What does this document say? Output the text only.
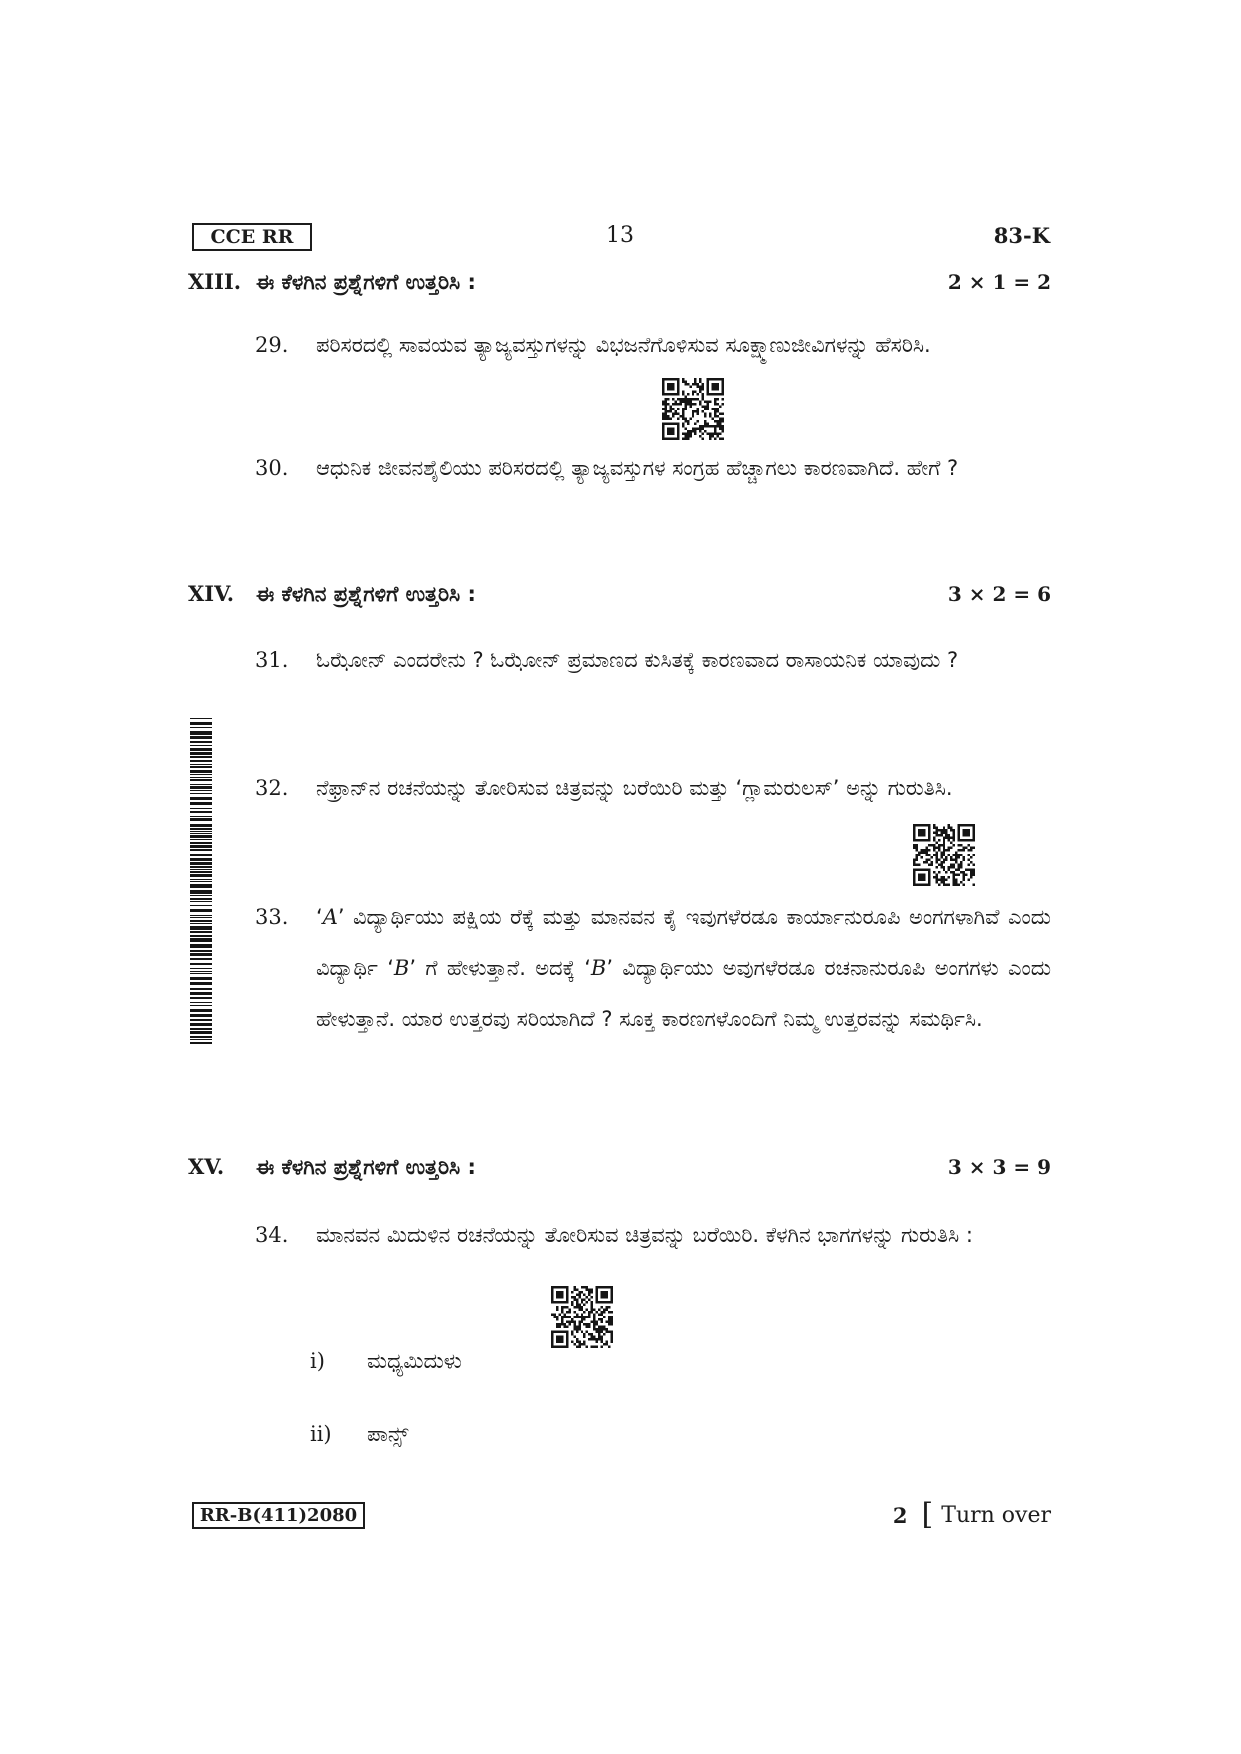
CCE RR	13	83-K
XIII. ಈ ಕೆಳಗಿನ ಪ್ರಶ್ನೆಗಳಿಗೆ ಉತ್ತರಿಸಿ :	2 × 1 = 2
29. ಪರಿಸರದಲ್ಲಿ ಸಾವಯವ ತ್ಯಾಜ್ಯವಸ್ತುಗಳನ್ನು ವಿಭಜನೆಗೊಳಿಸುವ ಸೂಕ್ಷ್ಮಾಣುಜೀವಿಗಳನ್ನು ಹೆಸರಿಸಿ.
30. ಆಧುನಿಕ ಜೀವನಶೈಲಿಯು ಪರಿಸರದಲ್ಲಿ ತ್ಯಾಜ್ಯವಸ್ತುಗಳ ಸಂಗ್ರಹ ಹೆಚ್ಚಾಗಲು ಕಾರಣವಾಗಿದೆ. ಹೇಗೆ ?
XIV. ಈ ಕೆಳಗಿನ ಪ್ರಶ್ನೆಗಳಿಗೆ ಉತ್ತರಿಸಿ :	3 × 2 = 6
31. ಓಝೋನ್ ಎಂದರೇನು ? ಓಝೋನ್ ಪ್ರಮಾಣದ ಕುಸಿತಕ್ಕೆ ಕಾರಣವಾದ ರಾಸಾಯನಿಕ ಯಾವುದು ?
32. ನೆಫ್ರಾನ್‌ನ ರಚನೆಯನ್ನು ತೋರಿಸುವ ಚಿತ್ರವನ್ನು ಬರೆಯಿರಿ ಮತ್ತು ‘ಗ್ಲಾಮರುಲಸ್’ ಅನ್ನು ಗುರುತಿಸಿ.
33. ‘A’ ವಿದ್ಯಾರ್ಥಿಯು ಪಕ್ಷಿಯ ರೆಕ್ಕೆ ಮತ್ತು ಮಾನವನ ಕೈ ಇವುಗಳೆರಡೂ ಕಾರ್ಯಾನುರೂಪಿ ಅಂಗಗಳಾಗಿವೆ ಎಂದು ವಿದ್ಯಾರ್ಥಿ ‘B’ ಗೆ ಹೇಳುತ್ತಾನೆ. ಅದಕ್ಕೆ ‘B’ ವಿದ್ಯಾರ್ಥಿಯು ಅವುಗಳೆರಡೂ ರಚನಾನುರೂಪಿ ಅಂಗಗಳು ಎಂದು ಹೇಳುತ್ತಾನೆ. ಯಾರ ಉತ್ತರವು ಸರಿಯಾಗಿದೆ ? ಸೂಕ್ತ ಕಾರಣಗಳೊಂದಿಗೆ ನಿಮ್ಮ ಉತ್ತರವನ್ನು ಸಮರ್ಥಿಸಿ.
XV. ಈ ಕೆಳಗಿನ ಪ್ರಶ್ನೆಗಳಿಗೆ ಉತ್ತರಿಸಿ :	3 × 3 = 9
34. ಮಾನವನ ಮಿದುಳಿನ ರಚನೆಯನ್ನು ತೋರಿಸುವ ಚಿತ್ರವನ್ನು ಬರೆಯಿರಿ. ಕೆಳಗಿನ ಭಾಗಗಳನ್ನು ಗುರುತಿಸಿ :
i) ಮಧ್ಯಮಿದುಳು
ii) ಪಾನ್ಸ್
RR-B(411)2080	2 [ Turn over
